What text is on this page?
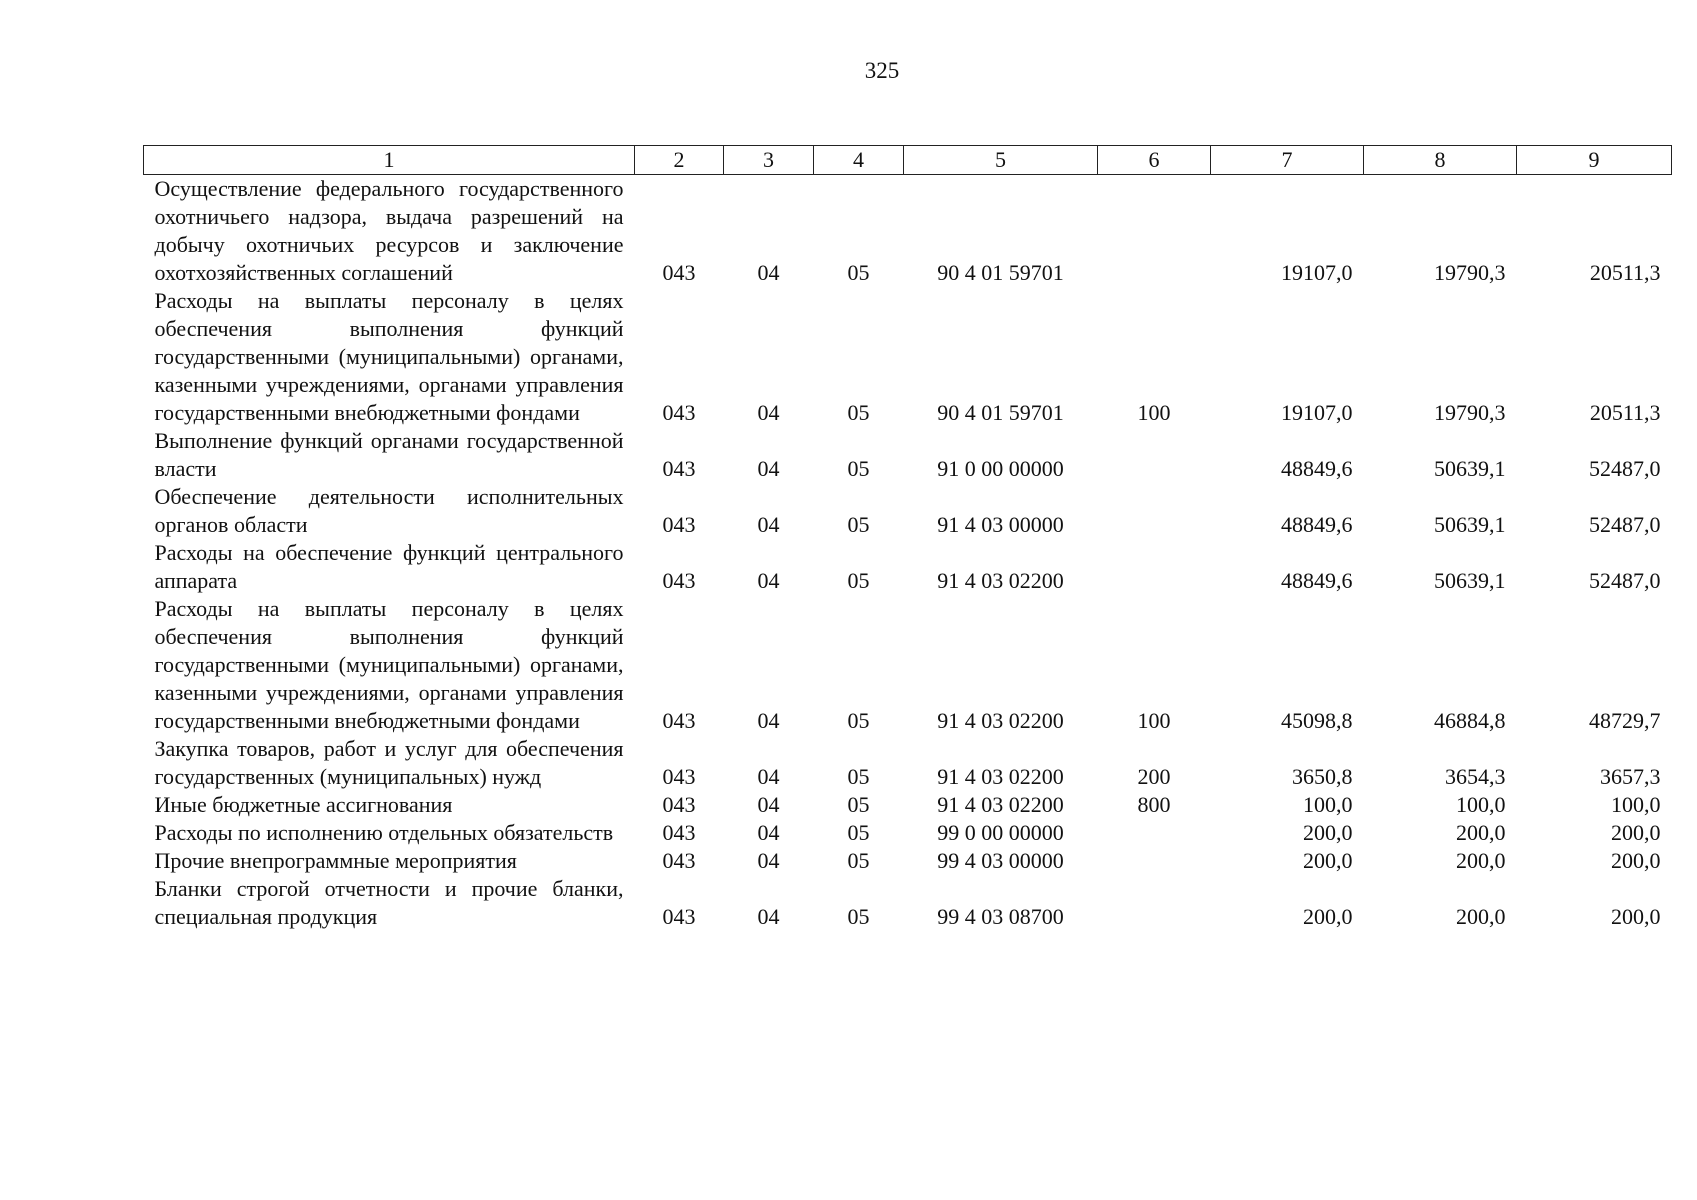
325
1	2	3	4	5	6	7	8	9
Осуществление федерального государственного охотничьего надзора, выдача разрешений на добычу охотничьих ресурсов и заключение охотхозяйственных соглашений	043	04	05	90 4 01 59701		19107,0	19790,3	20511,3
Расходы на выплаты персоналу в целях обеспечения выполнения функций государственными (муниципальными) органами, казенными учреждениями, органами управления государственными внебюджетными фондами	043	04	05	90 4 01 59701	100	19107,0	19790,3	20511,3
Выполнение функций органами государственной власти	043	04	05	91 0 00 00000		48849,6	50639,1	52487,0
Обеспечение деятельности исполнительных органов области	043	04	05	91 4 03 00000		48849,6	50639,1	52487,0
Расходы на обеспечение функций центрального аппарата	043	04	05	91 4 03 02200		48849,6	50639,1	52487,0
Расходы на выплаты персоналу в целях обеспечения выполнения функций государственными (муниципальными) органами, казенными учреждениями, органами управления государственными внебюджетными фондами	043	04	05	91 4 03 02200	100	45098,8	46884,8	48729,7
Закупка товаров, работ и услуг для обеспечения государственных (муниципальных) нужд	043	04	05	91 4 03 02200	200	3650,8	3654,3	3657,3
Иные бюджетные ассигнования	043	04	05	91 4 03 02200	800	100,0	100,0	100,0
Расходы по исполнению отдельных обязательств	043	04	05	99 0 00 00000		200,0	200,0	200,0
Прочие внепрограммные мероприятия	043	04	05	99 4 03 00000		200,0	200,0	200,0
Бланки строгой отчетности и прочие бланки, специальная продукция	043	04	05	99 4 03 08700		200,0	200,0	200,0
